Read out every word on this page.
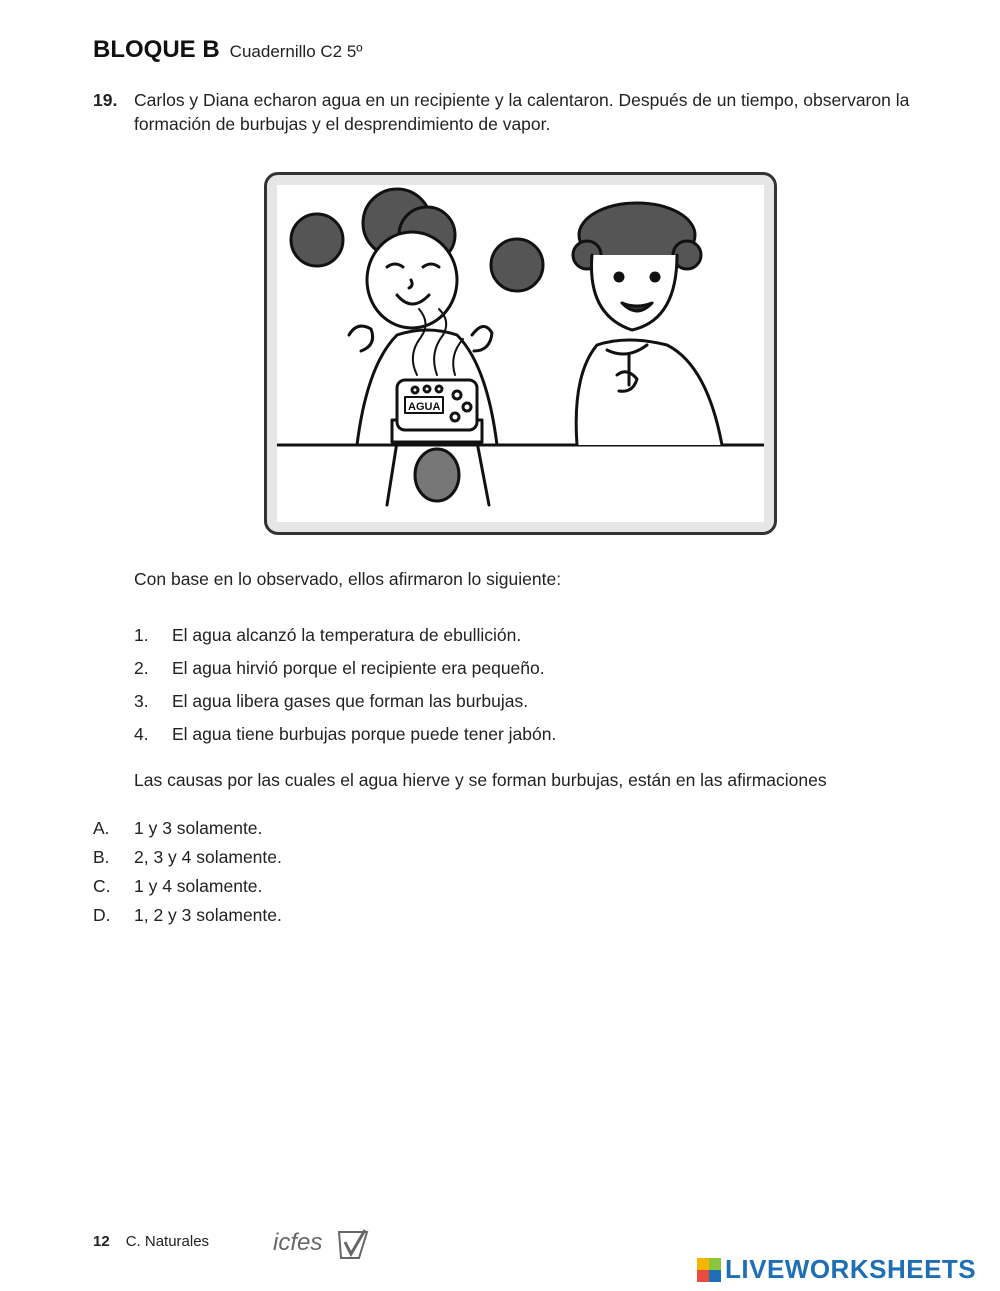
BLOQUE B Cuadernillo C2 5º
19. Carlos y Diana echaron agua en un recipiente y la calentaron. Después de un tiempo, observaron la formación de burbujas y el desprendimiento de vapor.
AGUA
Con base en lo observado, ellos afirmaron lo siguiente:
1. El agua alcanzó la temperatura de ebullición.
2. El agua hirvió porque el recipiente era pequeño.
3. El agua libera gases que forman las burbujas.
4. El agua tiene burbujas porque puede tener jabón.
Las causas por las cuales el agua hierve y se forman burbujas, están en las afirmaciones
A. 1 y 3 solamente.
B. 2, 3 y 4 solamente.
C. 1 y 4 solamente.
D. 1, 2 y 3 solamente.
12 C. Naturales	icfes
LIVEWORKSHEETS
